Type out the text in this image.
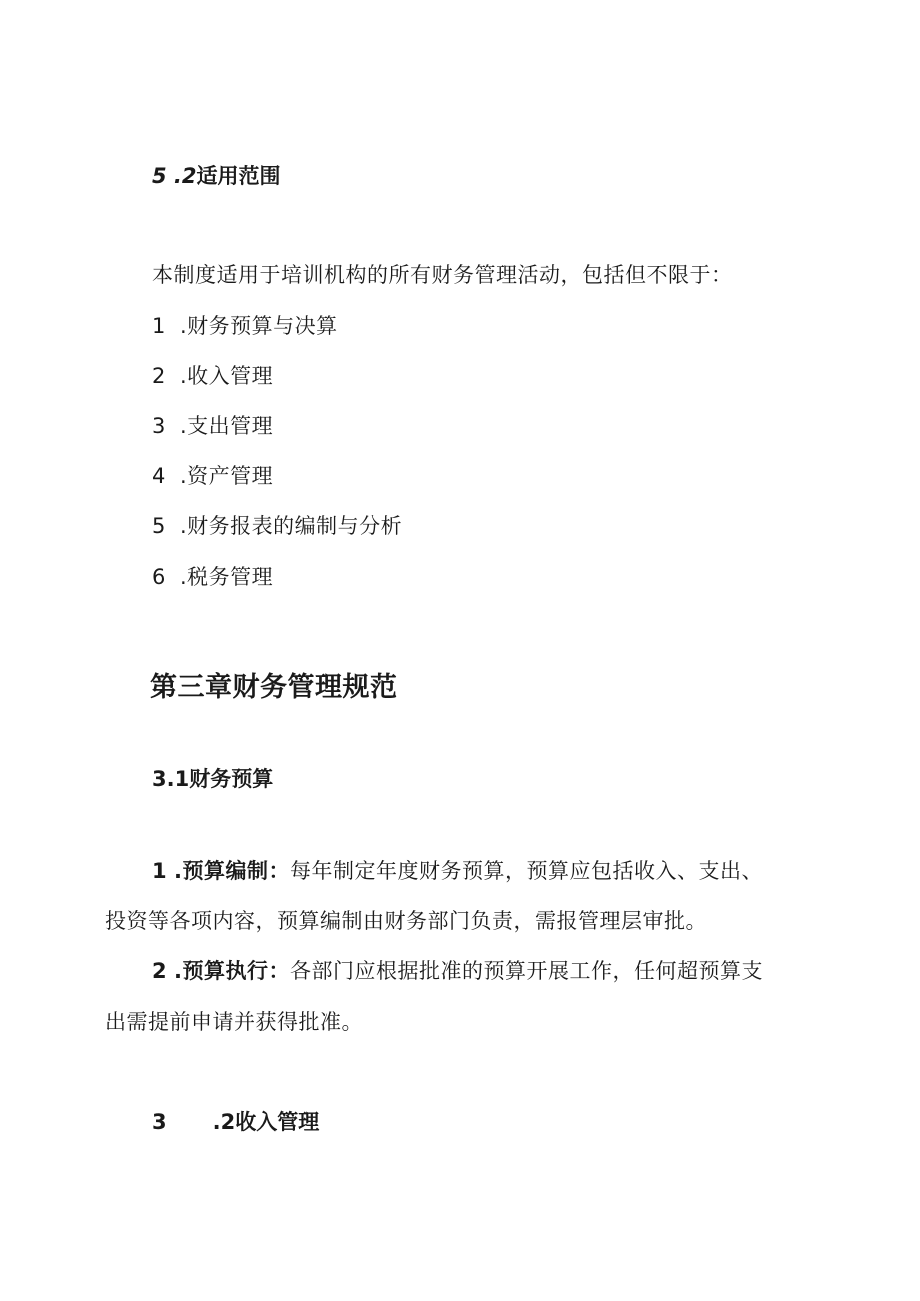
5 .2适用范围
本制度适用于培训机构的所有财务管理活动，包括但不限于：
1 .财务预算与决算
2 .收入管理
3 .支出管理
4 .资产管理
5 .财务报表的编制与分析
6 .税务管理
第三章财务管理规范
3.1财务预算
1 .预算编制：每年制定年度财务预算，预算应包括收入、支出、
投资等各项内容，预算编制由财务部门负责，需报管理层审批。
2 .预算执行：各部门应根据批准的预算开展工作，任何超预算支
出需提前申请并获得批准。
3 .2收入管理
